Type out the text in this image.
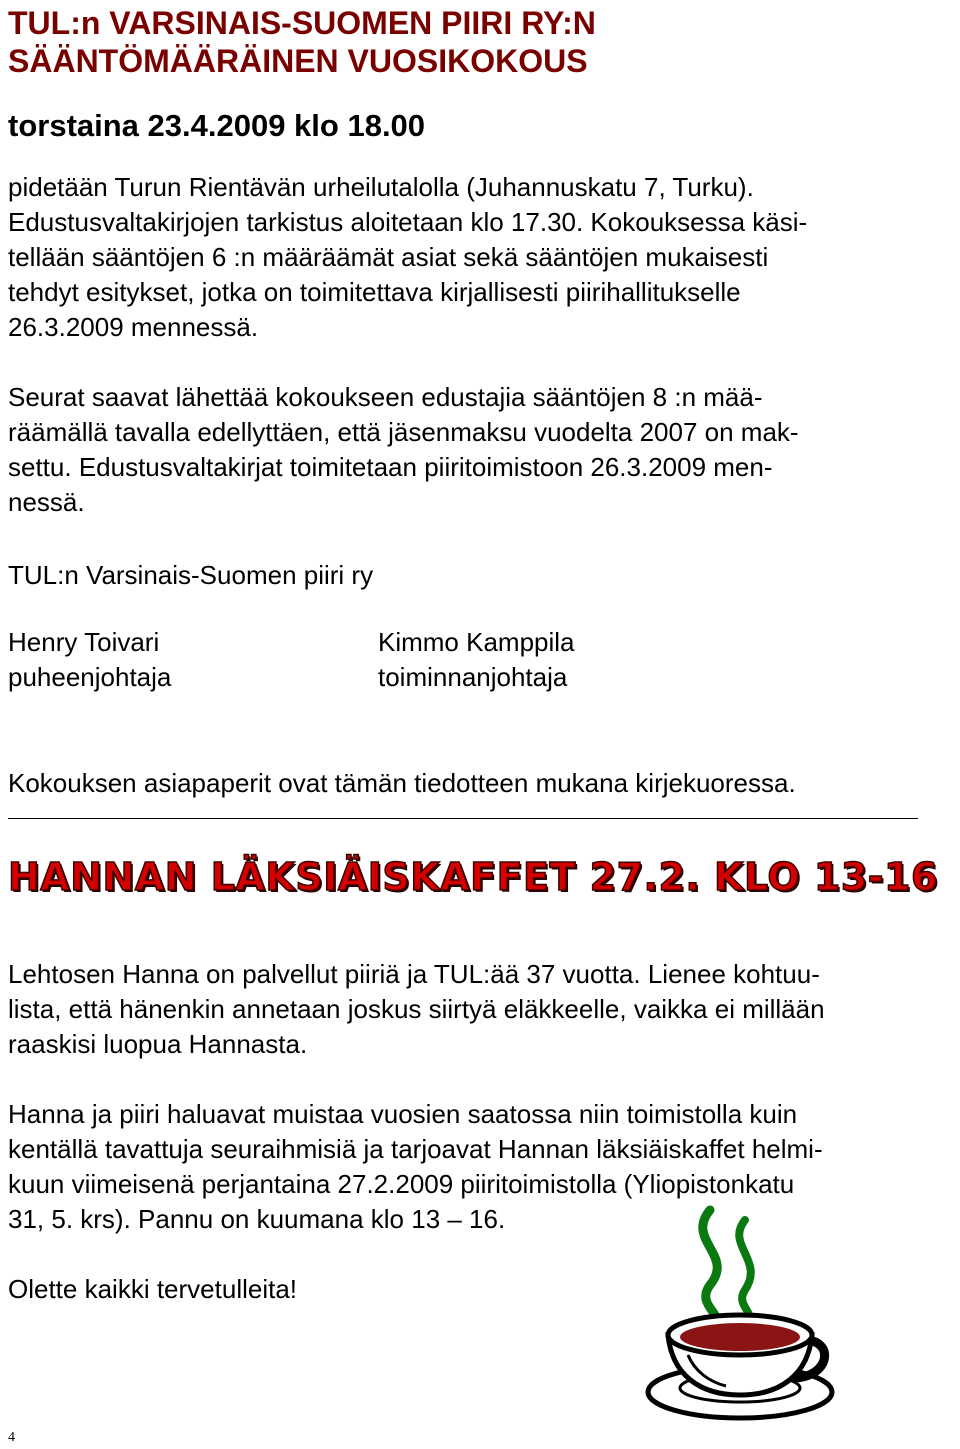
TUL:n VARSINAIS-SUOMEN PIIRI RY:N
SÄÄNTÖMÄÄRÄINEN VUOSIKOKOUS
torstaina 23.4.2009 klo 18.00
pidetään Turun Rientävän urheilutalolla (Juhannuskatu 7, Turku).
Edustusvaltakirjojen tarkistus aloitetaan klo 17.30. Kokouksessa käsi-
tellään sääntöjen 6 :n määräämät asiat sekä sääntöjen mukaisesti
tehdyt esitykset, jotka on toimitettava kirjallisesti piirihallitukselle
26.3.2009 mennessä.
Seurat saavat lähettää kokoukseen edustajia sääntöjen 8 :n mää-
räämällä tavalla edellyttäen, että jäsenmaksu vuodelta 2007 on mak-
settu. Edustusvaltakirjat toimitetaan piiritoimistoon 26.3.2009 men-
nessä.
TUL:n Varsinais-Suomen piiri ry
Henry Toivari
puheenjohtaja
Kimmo Kamppila
toiminnanjohtaja
Kokouksen asiapaperit ovat tämän tiedotteen mukana kirjekuoressa.
HANNAN LÄKSIÄISKAFFET 27.2. KLO 13-16
Lehtosen Hanna on palvellut piiriä ja TUL:ää 37 vuotta. Lienee kohtuu-
lista, että hänenkin annetaan joskus siirtyä eläkkeelle, vaikka ei millään
raaskisi luopua Hannasta.
Hanna ja piiri haluavat muistaa vuosien saatossa niin toimistolla kuin
kentällä tavattuja seuraihmisiä ja tarjoavat Hannan läksiäiskaffet helmi-
kuun viimeisenä perjantaina 27.2.2009 piiritoimistolla (Yliopistonkatu
31, 5. krs). Pannu on kuumana klo 13 – 16.
Olette kaikki tervetulleita!
4
